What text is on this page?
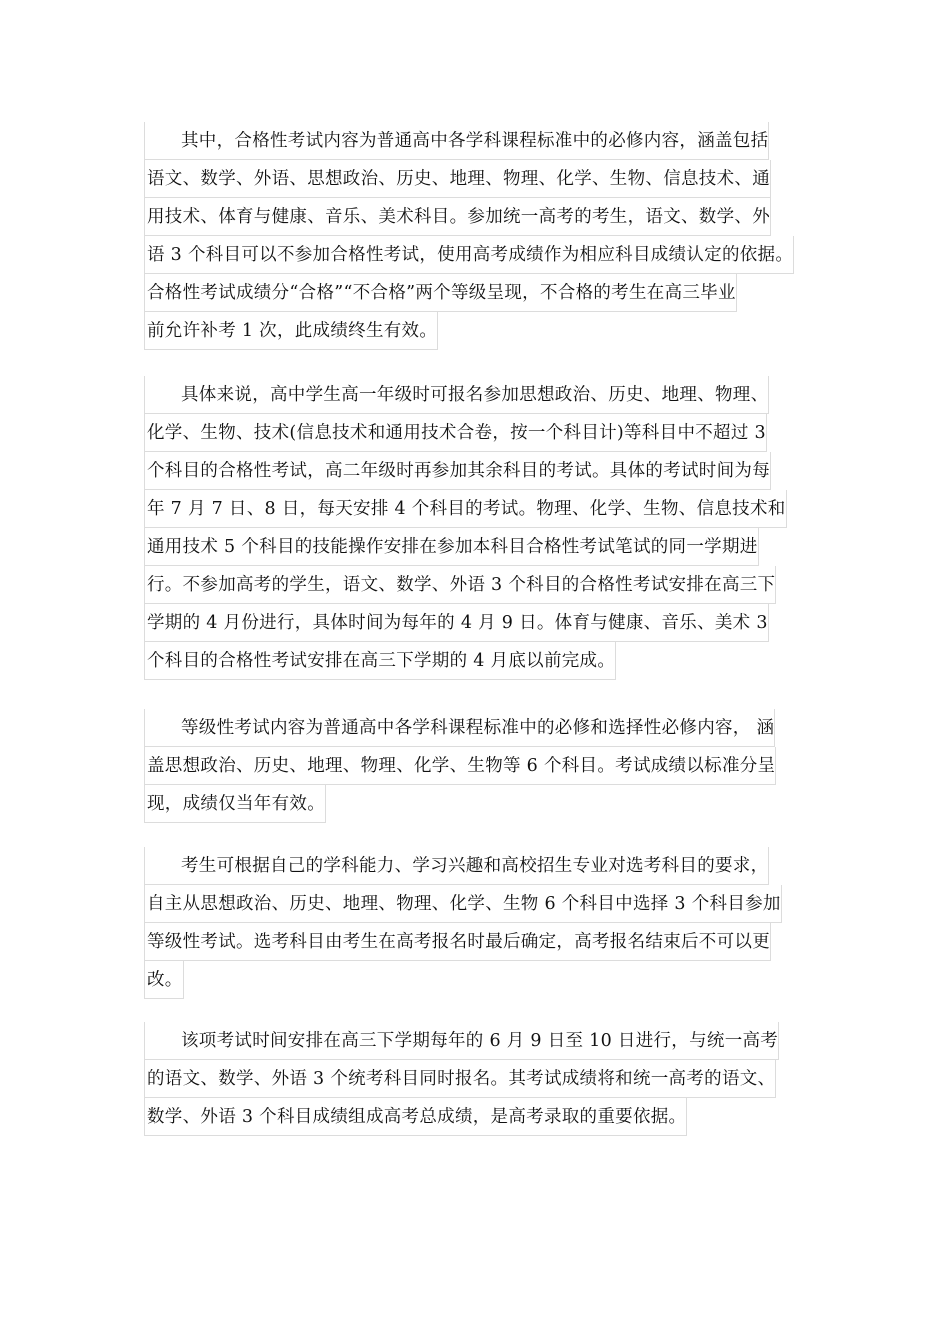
其中，合格性考试内容为普通高中各学科课程标准中的必修内容，涵盖包括
语文、数学、外语、思想政治、历史、地理、物理、化学、生物、信息技术、通
用技术、体育与健康、音乐、美术科目。参加统一高考的考生，语文、数学、外
语 3 个科目可以不参加合格性考试，使用高考成绩作为相应科目成绩认定的依据。
合格性考试成绩分“合格”“不合格”两个等级呈现，不合格的考生在高三毕业
前允许补考 1 次，此成绩终生有效。
具体来说，高中学生高一年级时可报名参加思想政治、历史、地理、物理、
化学、生物、技术(信息技术和通用技术合卷，按一个科目计)等科目中不超过 3
个科目的合格性考试，高二年级时再参加其余科目的考试。具体的考试时间为每
年 7 月 7 日、8 日，每天安排 4 个科目的考试。物理、化学、生物、信息技术和
通用技术 5 个科目的技能操作安排在参加本科目合格性考试笔试的同一学期进
行。不参加高考的学生，语文、数学、外语 3 个科目的合格性考试安排在高三下
学期的 4 月份进行，具体时间为每年的 4 月 9 日。体育与健康、音乐、美术 3
个科目的合格性考试安排在高三下学期的 4 月底以前完成。
等级性考试内容为普通高中各学科课程标准中的必修和选择性必修内容， 涵
盖思想政治、历史、地理、物理、化学、生物等 6 个科目。考试成绩以标准分呈
现，成绩仅当年有效。
考生可根据自己的学科能力、学习兴趣和高校招生专业对选考科目的要求，
自主从思想政治、历史、地理、物理、化学、生物 6 个科目中选择 3 个科目参加
等级性考试。选考科目由考生在高考报名时最后确定，高考报名结束后不可以更
改。
该项考试时间安排在高三下学期每年的 6 月 9 日至 10 日进行，与统一高考
的语文、数学、外语 3 个统考科目同时报名。其考试成绩将和统一高考的语文、
数学、外语 3 个科目成绩组成高考总成绩，是高考录取的重要依据。
